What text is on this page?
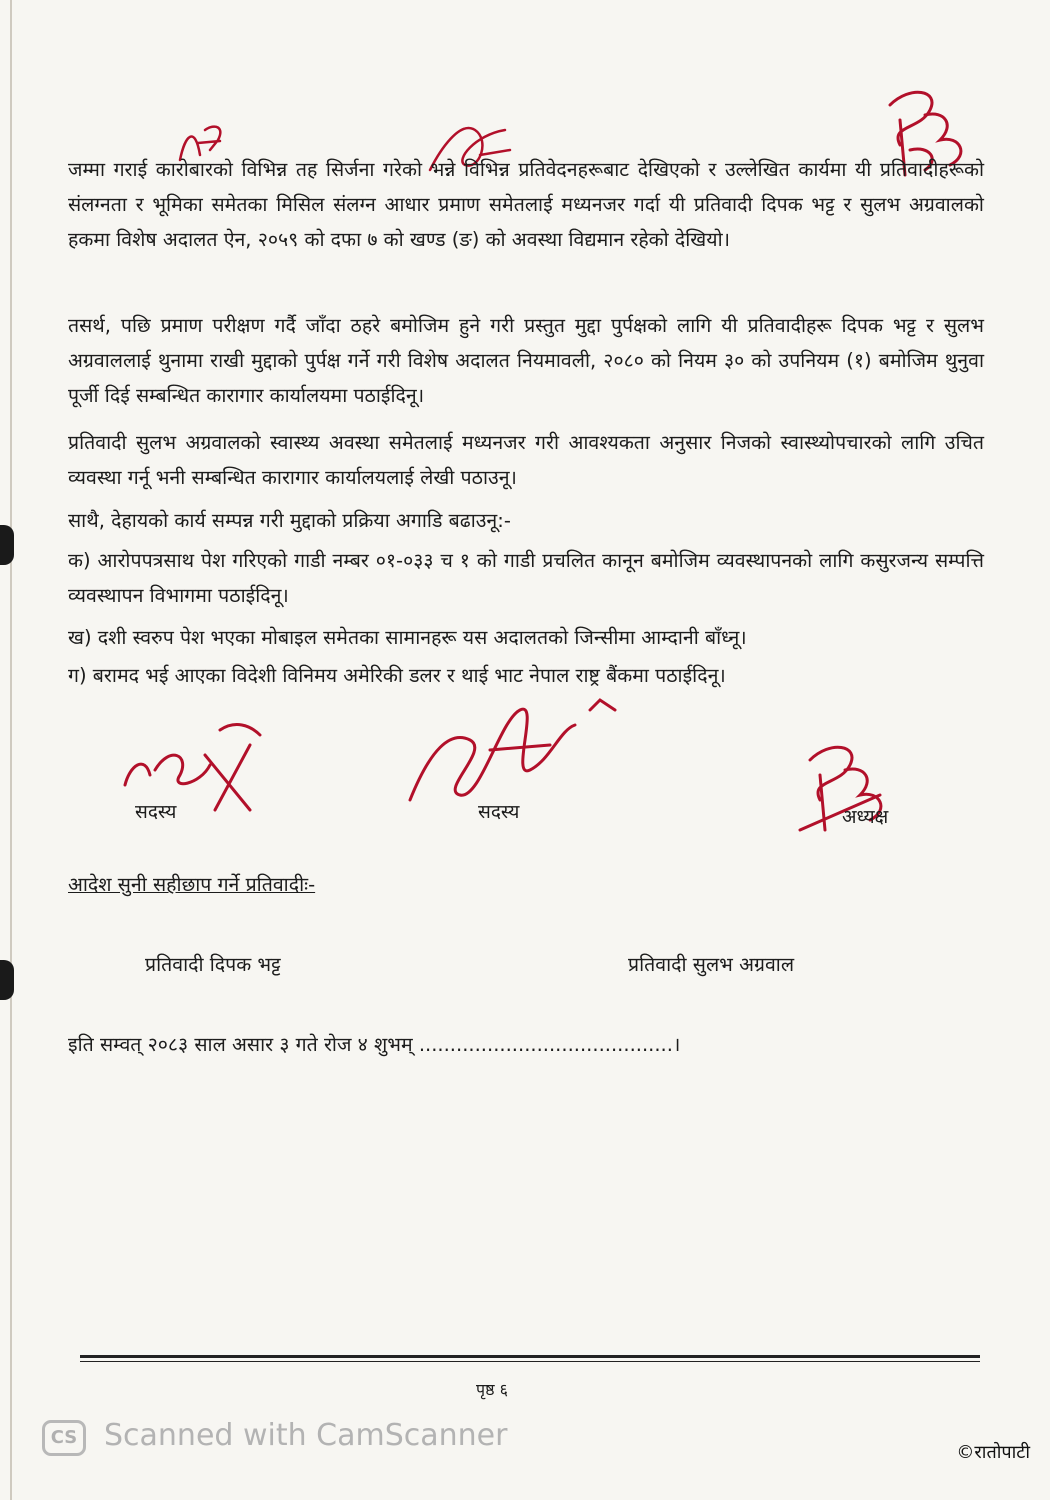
जम्मा गराई कारोबारको विभिन्न तह सिर्जना गरेको भन्ने विभिन्न प्रतिवेदनहरूबाट देखिएको र उल्लेखित कार्यमा यी प्रतिवादीहरूको संलग्नता र भूमिका समेतका मिसिल संलग्न आधार प्रमाण समेतलाई मध्यनजर गर्दा यी प्रतिवादी दिपक भट्ट र सुलभ अग्रवालको हकमा विशेष अदालत ऐन, २०५९ को दफा ७ को खण्ड (ङ) को अवस्था विद्यमान रहेको देखियो।

तसर्थ, पछि प्रमाण परीक्षण गर्दै जाँदा ठहरे बमोजिम हुने गरी प्रस्तुत मुद्दा पुर्पक्षको लागि यी प्रतिवादीहरू दिपक भट्ट र सुलभ अग्रवाललाई थुनामा राखी मुद्दाको पुर्पक्ष गर्ने गरी विशेष अदालत नियमावली, २०८० को नियम ३० को उपनियम (१) बमोजिम थुनुवा पूर्जी दिई सम्बन्धित कारागार कार्यालयमा पठाईदिनू।

प्रतिवादी सुलभ अग्रवालको स्वास्थ्य अवस्था समेतलाई मध्यनजर गरी आवश्यकता अनुसार निजको स्वास्थ्योपचारको लागि उचित व्यवस्था गर्नू भनी सम्बन्धित कारागार कार्यालयलाई लेखी पठाउनू।

साथै, देहायको कार्य सम्पन्न गरी मुद्दाको प्रक्रिया अगाडि बढाउनू:-

क) आरोपपत्रसाथ पेश गरिएको गाडी नम्बर ०१-०३३ च १ को गाडी प्रचलित कानून बमोजिम व्यवस्थापनको लागि कसुरजन्य सम्पत्ति व्यवस्थापन विभागमा पठाईदिनू।

ख) दशी स्वरुप पेश भएका मोबाइल समेतका सामानहरू यस अदालतको जिन्सीमा आम्दानी बाँध्नू।

ग) बरामद भई आएका विदेशी विनिमय अमेरिकी डलर र थाई भाट नेपाल राष्ट्र बैंकमा पठाईदिनू।

सदस्य	सदस्य	अध्यक्ष
आदेश सुनी सहीछाप गर्ने प्रतिवादीः-
प्रतिवादी दिपक भट्ट	प्रतिवादी सुलभ अग्रवाल
इति सम्वत् २०८३ साल असार ३ गते रोज ४ शुभम् .........................................।
पृष्ठ ६
CS Scanned with CamScanner	©रातोपाटी
